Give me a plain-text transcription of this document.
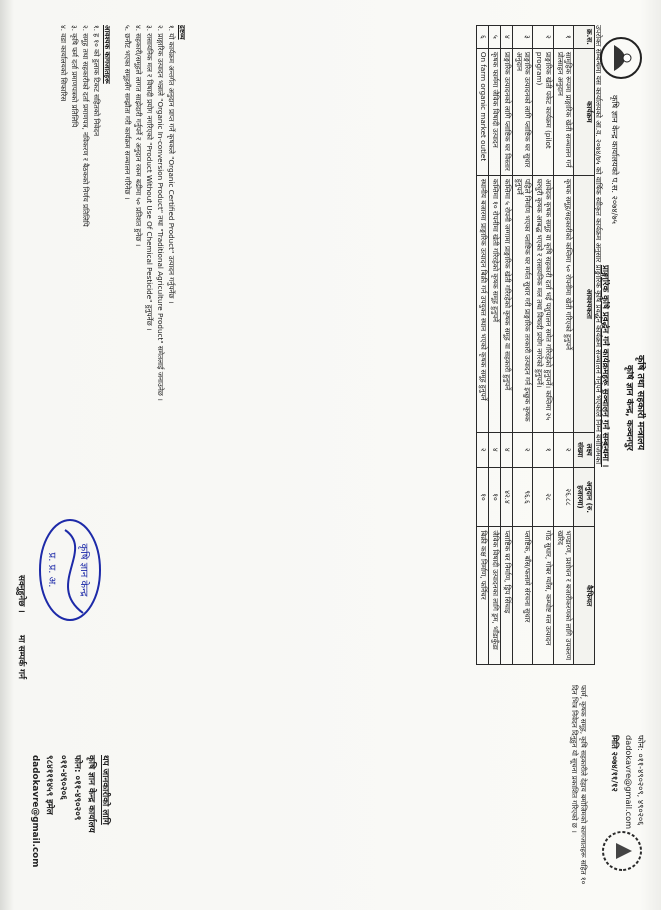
कृषि तथा सहकारी मन्त्रालय
कृषि ज्ञान केन्द्र, कञ्चनपुर
फोन: ०११-४९०२०९, ४९०२०६
dadokavre@gmail.com
मिति २०७४/११/१२
कृषि ज्ञान केन्द्र कार्यालयको प.स. २०७४/७५
प्राङ्गारिक कृषि प्रवर्द्धन गर्ने कार्यक्रमहरू सञ्चालन गर्ने सम्बन्धमा ।
उपरोक्त सम्बन्धमा यस कार्यालयको आ.व. २०७४/७५ को वार्षिक स्वीकृत कार्यक्रम अनुसार प्राङ्गारिक कृषि प्रवर्द्धन कार्यक्रम सञ्चालन गर्नुपर्ने भएकोले निम्न बमोजिमका
क्र.स.	कार्यक्रम	आवश्यकता	लक्ष्य संख्या	अनुदान (रु. हजारमा)	कैफियत
१	सामुहिक रूपमा प्राङ्गारिक खेती सञ्चालन गर्न प्रोत्साहन अनुदान	कृषक समूह/सहकारीको कम्तिमा ५० रोपनीमा खेती गरिएको हुनुपर्ने	२	२६.८८	भण्डारण, प्रशोधन र बजारीकरणको लागि उपकरण खरिद
२	प्राङ्गारिक खेती पकेट कार्यक्रम (pilot program)	आवेदक कृषक समूह वा कृषि सहकारी दर्ता भई पशुपालन समेत गरिरहेको हुनुपर्ने। कम्तिमा २५ घरधुरी कृषक आबद्ध भएको र रासायनिक मल तथा विषादी प्रयोग नगरेको हुनुपर्ने।	१	२८	गोठ सुधार, गोबर ग्याँस, कम्पोष्ट मल उत्पादन
३	प्राङ्गारिक उत्पादनको लागि प्लाष्टिक घर सुधार अनुदान	पहिले निर्माण भएका प्लाष्टिक घर मर्मत सुधार गरी प्राङ्गारिक तरकारी उत्पादन गर्न इच्छुक कृषक हुनुपर्ने	२	९६.६	प्लाष्टिक, बाँस/फलामे संरचना सुधार
४	प्राङ्गारिक उत्पादनको लागि प्लाष्टिक घर विस्तार	कम्तिमा ५ रोपनी जग्गामा प्राङ्गारिक खेती गरिरहेको कृषक समूह वा सहकारी हुनुपर्ने	४	४२.४	प्लाष्टिक घर निर्माण, ड्रिप सिंचाइ
५	कृषक फार्ममा जैविक विषादी उत्पादन	कम्तिमा १० रोपनीमा खेती गरिरहेको कृषक समूह हुनुपर्ने	४	१०	जैविक विषादी उत्पादनका लागि ड्रम, भाँडाकुँडा
६	On farm organic market outlet	स्थानीय बजारमा प्राङ्गारिक उत्पादन बिक्री गर्न उपयुक्त स्थान भएको कृषक समूह हुनुपर्ने	२	१०	बिक्री कक्ष निर्माण, फर्निचर
फार्म, कृषक समूह, कृषि सहकारीले देहाय बमोजिमको कागजातहरू सहित १० दिन भित्र निवेदन दिनुहुन यो सूचना प्रकाशित गरिएको छ ।
द्रष्टव्य
१. यो कार्यक्रम अन्तर्गत अनुदान प्राप्त गर्ने कृषकले "Organic Certified Product" उत्पादन गर्नुपर्नेछ ।
२. प्राङ्गारिक उत्पादन भन्नाले "Organic In-conversion Product" तथा "Traditional Agriculture Product" समेतलाई जनाउनेछ ।
३. रासायनिक मल र विषादी प्रयोग नगरिएको "Product Without Use Of Chemical Pesticide" हुनुपर्नेछ ।
४. सहकारी/समूहले लागत साझेदारी गर्नुपर्ने र अनुदान रकम बढीमा ५० प्रतिशत हुनेछ ।
५. छनौट भएका समूहसँग सम्झौता गरी कार्यक्रम सञ्चालन गरिनेछ ।
आवश्यक कागजातहरू
१. ह १० को हुलाक टिकट सहितको निवेदन
२. समूह तथा सहकारीको दर्ता प्रमाणपत्र, नविकरण र बैठकको निर्णय प्रतिलिपि
३. कृषि फर्म दर्ता प्रमाणपत्रको प्रतिलिपि
४. वडा कार्यालयको सिफारिस
कृषि ज्ञान केन्द्र
प्र. प्र. अ.
थप जानकारीको लागि
कृषि ज्ञान केन्द्र कार्यालय
फोन: ०११-४९०२०९
०११-४९०२०६
९८४१११४५९ इमेल
dadokavre@gmail.com
मा सम्पर्क गर्न
सक्नुहुनेछ ।
